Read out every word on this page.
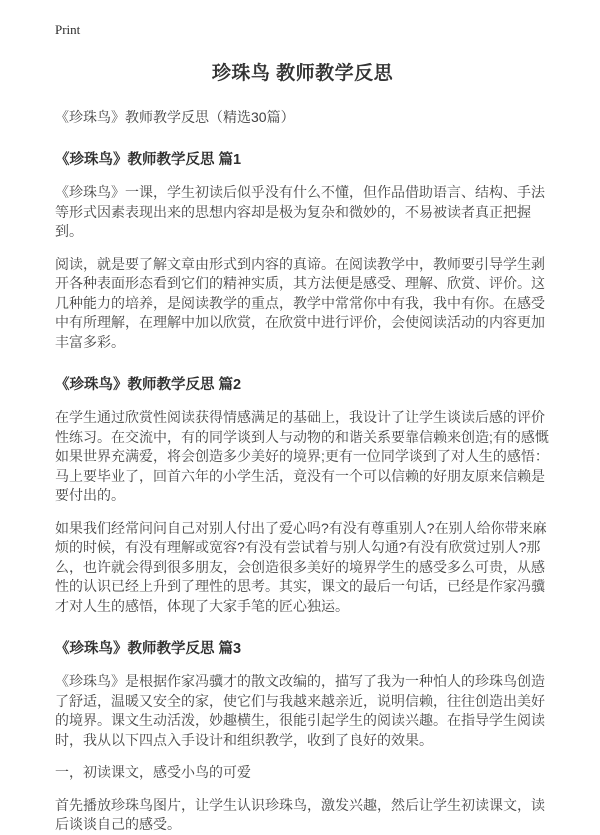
Print
珍珠鸟 教师教学反思

《珍珠鸟》教师教学反思（精选30篇）

《珍珠鸟》教师教学反思 篇1

《珍珠鸟》一课，学生初读后似乎没有什么不懂，但作品借助语言、结构、手法等形式因素表现出来的思想内容却是极为复杂和微妙的，不易被读者真正把握到。

阅读，就是要了解文章由形式到内容的真谛。在阅读教学中，教师要引导学生剥开各种表面形态看到它们的精神实质，其方法便是感受、理解、欣赏、评价。这几种能力的培养，是阅读教学的重点，教学中常常你中有我，我中有你。在感受中有所理解，在理解中加以欣赏，在欣赏中进行评价，会使阅读活动的内容更加丰富多彩。

《珍珠鸟》教师教学反思 篇2

在学生通过欣赏性阅读获得情感满足的基础上，我设计了让学生谈读后感的评价性练习。在交流中，有的同学谈到人与动物的和谐关系要靠信赖来创造;有的感慨如果世界充满爱，将会创造多少美好的境界;更有一位同学谈到了对人生的感悟：马上要毕业了，回首六年的小学生活，竟没有一个可以信赖的好朋友原来信赖是要付出的。

如果我们经常问问自己对别人付出了爱心吗?有没有尊重别人?在别人给你带来麻烦的时候，有没有理解或宽容?有没有尝试着与别人勾通?有没有欣赏过别人?那么，也许就会得到很多朋友，会创造很多美好的境界学生的感受多么可贵，从感性的认识已经上升到了理性的思考。其实，课文的最后一句话，已经是作家冯骥才对人生的感悟，体现了大家手笔的匠心独运。

《珍珠鸟》教师教学反思 篇3

《珍珠鸟》是根据作家冯骥才的散文改编的，描写了我为一种怕人的珍珠鸟创造了舒适，温暖又安全的家，使它们与我越来越亲近，说明信赖，往往创造出美好的境界。课文生动活泼，妙趣横生，很能引起学生的阅读兴趣。在指导学生阅读时，我从以下四点入手设计和组织教学，收到了良好的效果。

一，初读课文，感受小鸟的可爱

首先播放珍珠鸟图片，让学生认识珍珠鸟，激发兴趣，然后让学生初读课文，读后谈谈自己的感受。
